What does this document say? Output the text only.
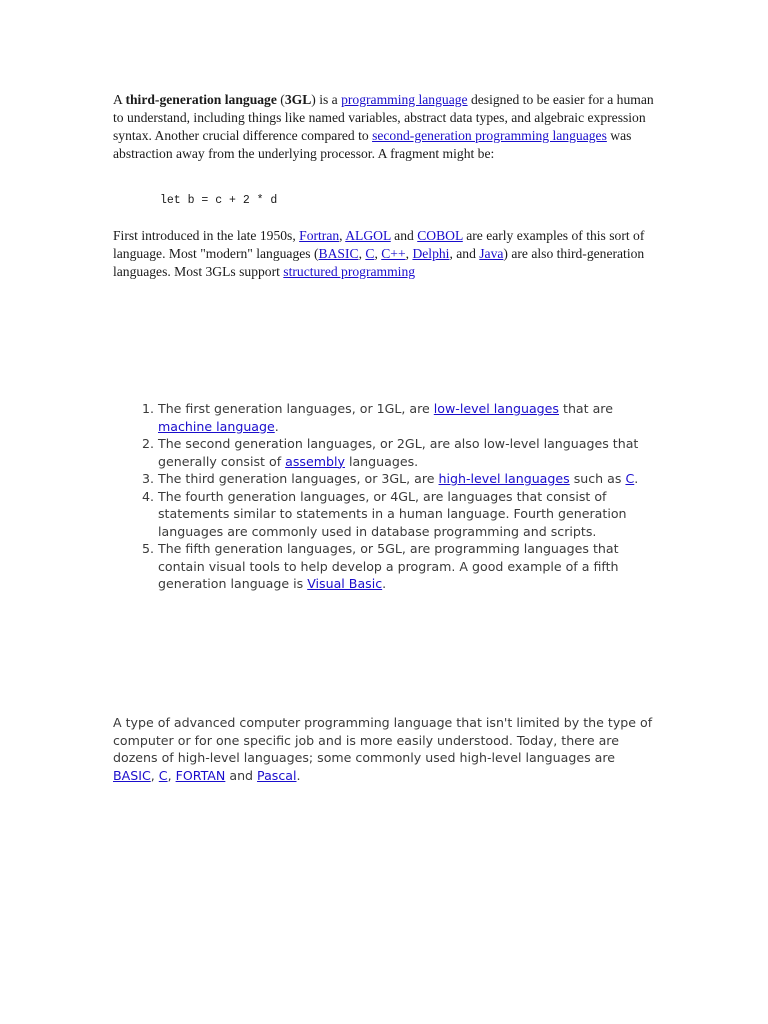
A third-generation language (3GL) is a programming language designed to be easier for a human to understand, including things like named variables, abstract data types, and algebraic expression syntax. Another crucial difference compared to second-generation programming languages was abstraction away from the underlying processor. A fragment might be:

let b = c + 2 * d

First introduced in the late 1950s, Fortran, ALGOL and COBOL are early examples of this sort of language. Most "modern" languages (BASIC, C, C++, Delphi, and Java) are also third-generation languages. Most 3GLs support structured programming

1. The first generation languages, or 1GL, are low-level languages that are machine language.
2. The second generation languages, or 2GL, are also low-level languages that generally consist of assembly languages.
3. The third generation languages, or 3GL, are high-level languages such as C.
4. The fourth generation languages, or 4GL, are languages that consist of statements similar to statements in a human language. Fourth generation languages are commonly used in database programming and scripts.
5. The fifth generation languages, or 5GL, are programming languages that contain visual tools to help develop a program. A good example of a fifth generation language is Visual Basic.

A type of advanced computer programming language that isn't limited by the type of computer or for one specific job and is more easily understood. Today, there are dozens of high-level languages; some commonly used high-level languages are BASIC, C, FORTAN and Pascal.
